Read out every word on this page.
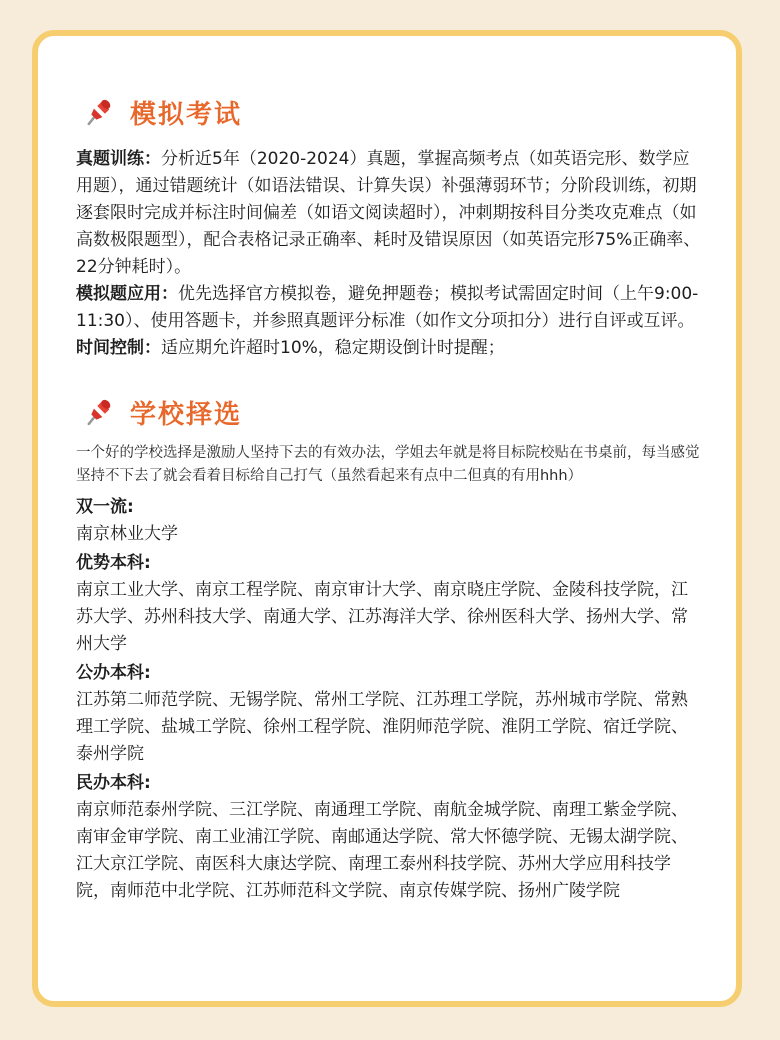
模拟考试

真题训练：分析近5年（2020-2024）真题，掌握高频考点（如英语完形、数学应用题），通过错题统计（如语法错误、计算失误）补强薄弱环节；分阶段训练，初期逐套限时完成并标注时间偏差（如语文阅读超时），冲刺期按科目分类攻克难点（如高数极限题型），配合表格记录正确率、耗时及错误原因（如英语完形75%正确率、22分钟耗时）。

模拟题应用：优先选择官方模拟卷，避免押题卷；模拟考试需固定时间（上午9:00-11:30）、使用答题卡，并参照真题评分标准（如作文分项扣分）进行自评或互评。

时间控制：适应期允许超时10%，稳定期设倒计时提醒；

学校择选

一个好的学校选择是激励人坚持下去的有效办法，学姐去年就是将目标院校贴在书桌前，每当感觉坚持不下去了就会看着目标给自己打气（虽然看起来有点中二但真的有用hhh）

双一流:

南京林业大学

优势本科:

南京工业大学、南京工程学院、南京审计大学、南京晓庄学院、金陵科技学院，江苏大学、苏州科技大学、南通大学、江苏海洋大学、徐州医科大学、扬州大学、常州大学

公办本科:

江苏第二师范学院、无锡学院、常州工学院、江苏理工学院，苏州城市学院、常熟理工学院、盐城工学院、徐州工程学院、淮阴师范学院、淮阴工学院、宿迁学院、泰州学院

民办本科:

南京师范泰州学院、三江学院、南通理工学院、南航金城学院、南理工紫金学院、南审金审学院、南工业浦江学院、南邮通达学院、常大怀德学院、无锡太湖学院、江大京江学院、南医科大康达学院、南理工泰州科技学院、苏州大学应用科技学院，南师范中北学院、江苏师范科文学院、南京传媒学院、扬州广陵学院
